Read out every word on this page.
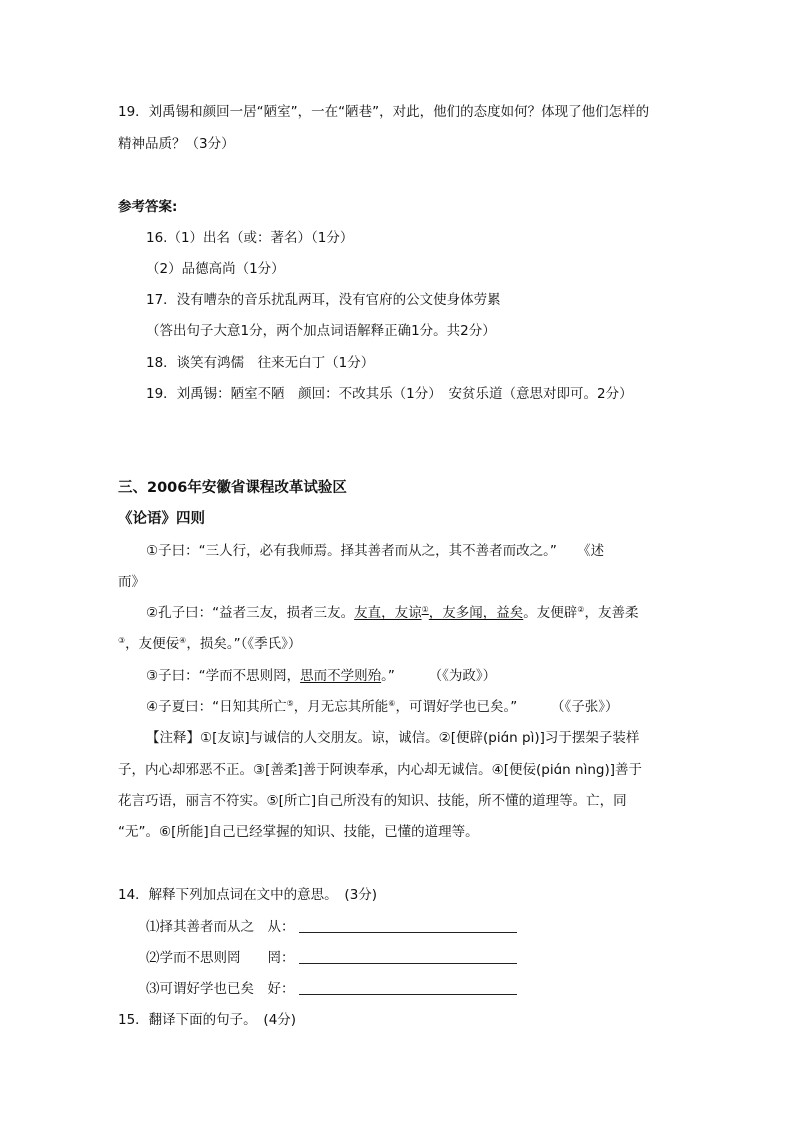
19．刘禹锡和颜回一居“陋室”，一在“陋巷”，对此，他们的态度如何？体现了他们怎样的
精神品质？（3分）
参考答案:
16.（1）出名（或：著名）（1分）
（2）品德高尚（1分）
17．没有嘈杂的音乐扰乱两耳，没有官府的公文使身体劳累
（答出句子大意1分，两个加点词语解释正确1分。共2分）
18．谈笑有鸿儒　往来无白丁（1分）
19．刘禹锡：陋室不陋　颜回：不改其乐（1分）　安贫乐道（意思对即可。2分）
三、2006年安徽省课程改革试验区
《论语》四则
①子曰：“三人行，必有我师焉。择其善者而从之，其不善者而改之。”　　《述
而》
②孔子曰：“益者三友，损者三友。友直，友谅①，友多闻，益矣。友便辟②，友善柔
③，友便佞④，损矣。”（《季氏》）
③子曰：“学而不思则罔，思而不学则殆。”　　　（《为政》）
④子夏曰：“日知其所亡⑤，月无忘其所能⑥，可谓好学也已矣。”　　　（《子张》）
【注释】①[友谅]与诚信的人交朋友。谅，诚信。②[便辟(piɑ́n pì)]习于摆架子装样
子，内心却邪恶不正。③[善柔]善于阿谀奉承，内心却无诚信。④[便佞(piɑ́n nìng)]善于
花言巧语，丽言不符实。⑤[所亡]自己所没有的知识、技能，所不懂的道理等。亡，同
“无”。⑥[所能]自己已经掌握的知识、技能，已懂的道理等。
14．解释下列加点词在文中的意思。　(3分)
⑴择其善者而从之　从：
⑵学而不思则罔　　罔：
⑶可谓好学也已矣　好：
15．翻译下面的句子。　(4分)
